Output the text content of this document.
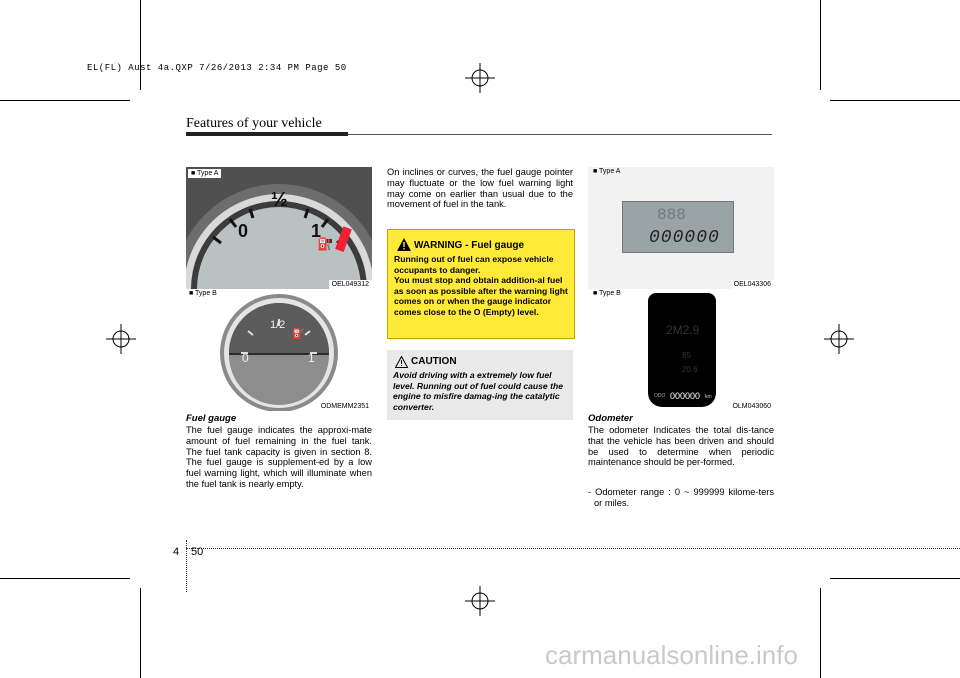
EL(FL) Aust 4a.QXP 7/26/2013 2:34 PM Page 50
Features of your vehicle
½
0	1
⛽
■ Type A
OEL049312
1/2
0	1
⛽
■ Type B
ODMEMM2351
Fuel gauge
The fuel gauge indicates the approxi-mate amount of fuel remaining in the fuel tank. The fuel tank capacity is given in section 8. The fuel gauge is supplement-ed by a low fuel warning light, which will illuminate when the fuel tank is nearly empty.
On inclines or curves, the fuel gauge pointer may fluctuate or the low fuel warning light may come on earlier than usual due to the movement of fuel in the tank.
WARNING - Fuel gauge
Running out of fuel can expose vehicle occupants to danger.
You must stop and obtain addition-al fuel as soon as possible after the warning light comes on or when the gauge indicator comes close to the O (Empty) level.
CAUTION
Avoid driving with a extremely low fuel level. Running out of fuel could cause the engine to misfire damag-ing the catalytic converter.
888
000000
■ Type A
OEL043306
2M2.9
85
20.6
ODO 000000 km
■ Type B
OLM043060
Odometer
The odometer Indicates the total dis-tance that the vehicle has been driven and should be used to determine when periodic maintenance should be per-formed.
- Odometer range : 0 ~ 999999 kilome-ters or miles.
4 50
carmanualsonline.info
